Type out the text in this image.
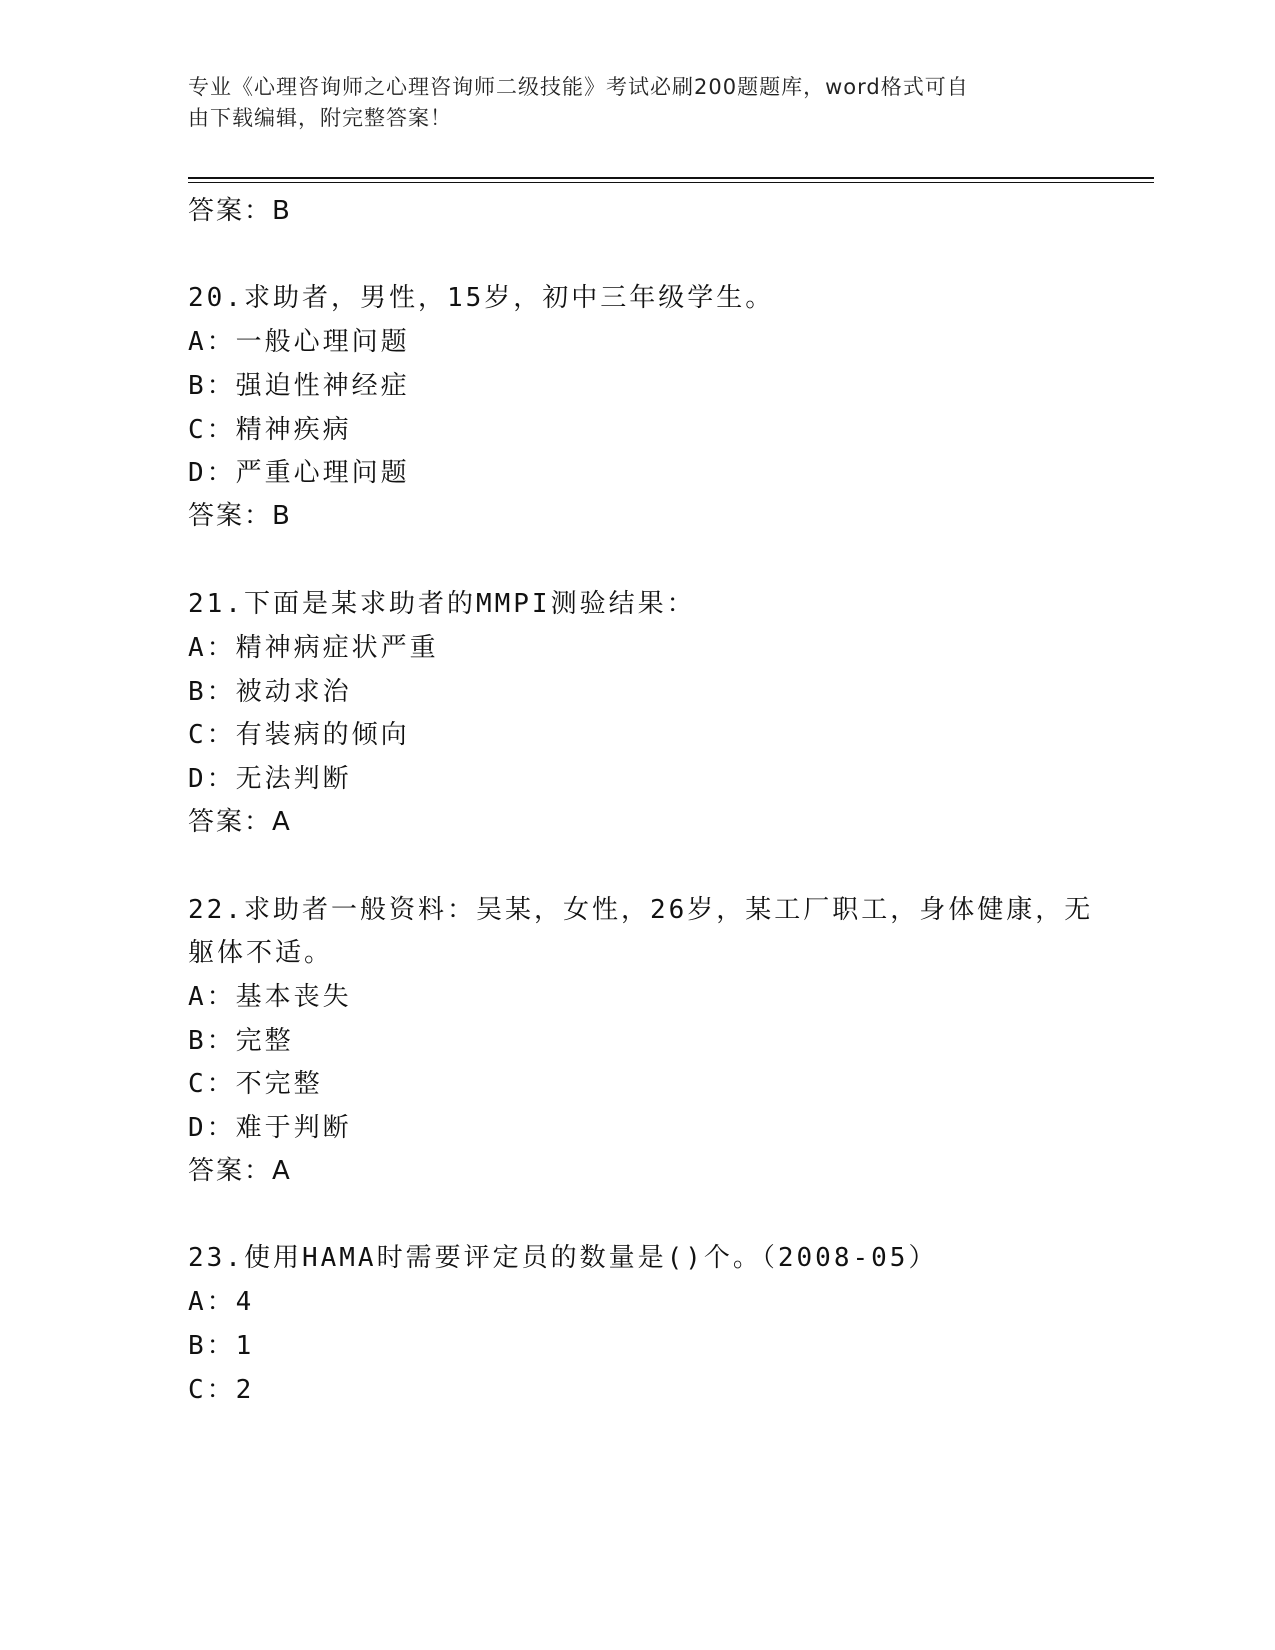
专业《心理咨询师之心理咨询师二级技能》考试必刷200题题库，word格式可自
由下载编辑，附完整答案！
答案：B
20.求助者，男性，15岁，初中三年级学生。
A：一般心理问题
B：强迫性神经症
C：精神疾病
D：严重心理问题
答案：B
21.下面是某求助者的MMPI测验结果：
A：精神病症状严重
B：被动求治
C：有装病的倾向
D：无法判断
答案：A
22.求助者一般资料：吴某，女性，26岁，某工厂职工，身体健康，无
躯体不适。
A：基本丧失
B：完整
C：不完整
D：难于判断
答案：A
23.使用HAMA时需要评定员的数量是()个。（2008-05）
A：4
B：1
C：2
